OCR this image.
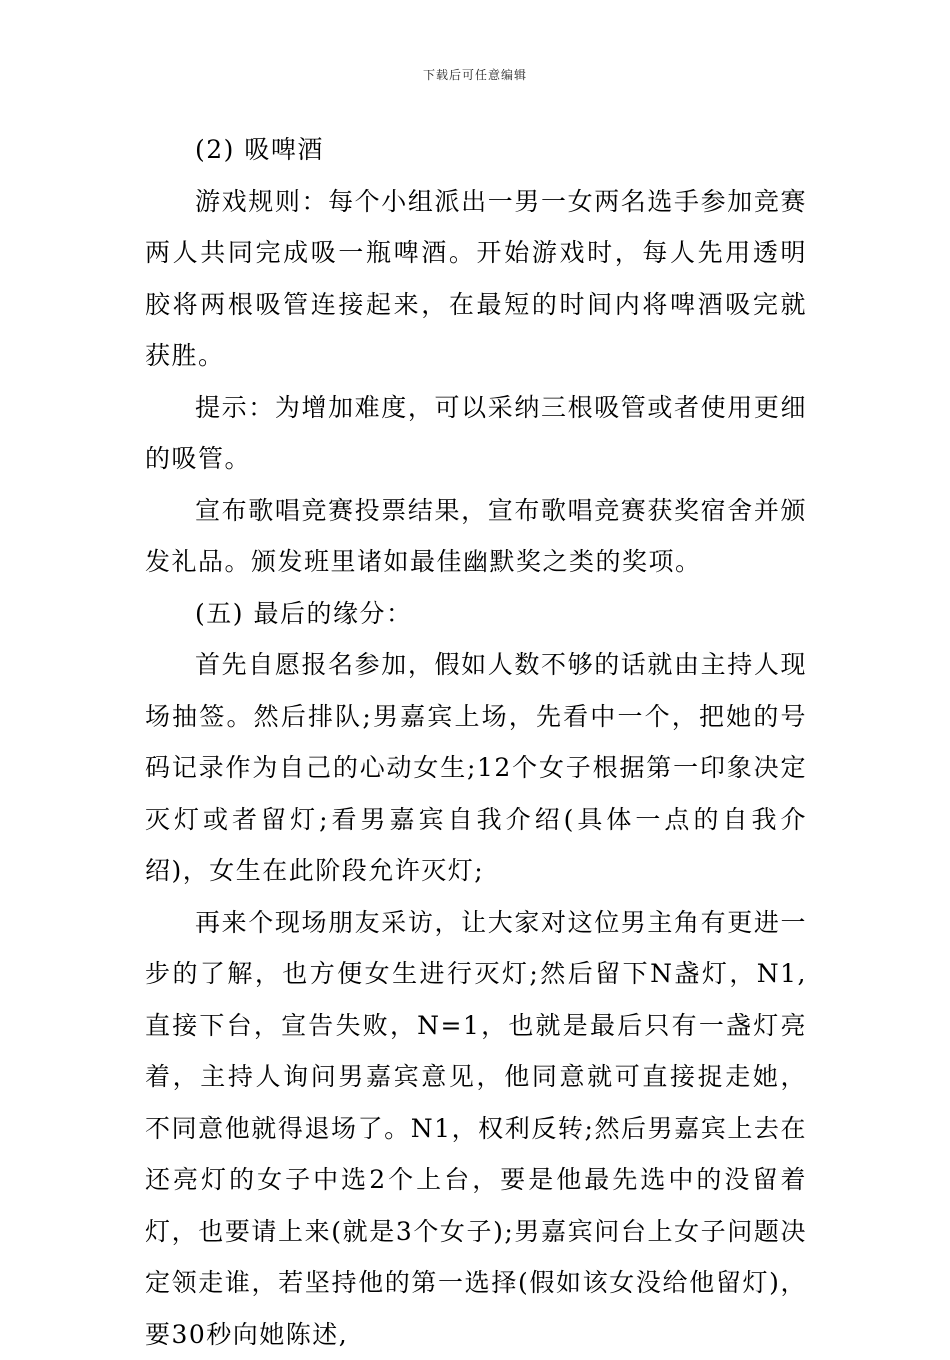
下载后可任意编辑

(2) 吸啤酒

游戏规则：每个小组派出一男一女两名选手参加竞赛两人共同完成吸一瓶啤酒。开始游戏时，每人先用透明胶将两根吸管连接起来，在最短的时间内将啤酒吸完就获胜。

提示：为增加难度，可以采纳三根吸管或者使用更细的吸管。

宣布歌唱竞赛投票结果，宣布歌唱竞赛获奖宿舍并颁发礼品。颁发班里诸如最佳幽默奖之类的奖项。

(五) 最后的缘分：

首先自愿报名参加，假如人数不够的话就由主持人现场抽签。然后排队;男嘉宾上场，先看中一个，把她的号码记录作为自己的心动女生;12个女子根据第一印象决定灭灯或者留灯;看男嘉宾自我介绍(具体一点的自我介绍)，女生在此阶段允许灭灯;

再来个现场朋友采访，让大家对这位男主角有更进一步的了解，也方便女生进行灭灯;然后留下N盏灯，N1,直接下台，宣告失败，N=1，也就是最后只有一盏灯亮着，主持人询问男嘉宾意见，他同意就可直接捉走她，不同意他就得退场了。N1，权利反转;然后男嘉宾上去在还亮灯的女子中选2个上台，要是他最先选中的没留着灯，也要请上来(就是3个女子);男嘉宾问台上女子问题决定领走谁，若坚持他的第一选择(假如该女没给他留灯)，要30秒向她陈述,
